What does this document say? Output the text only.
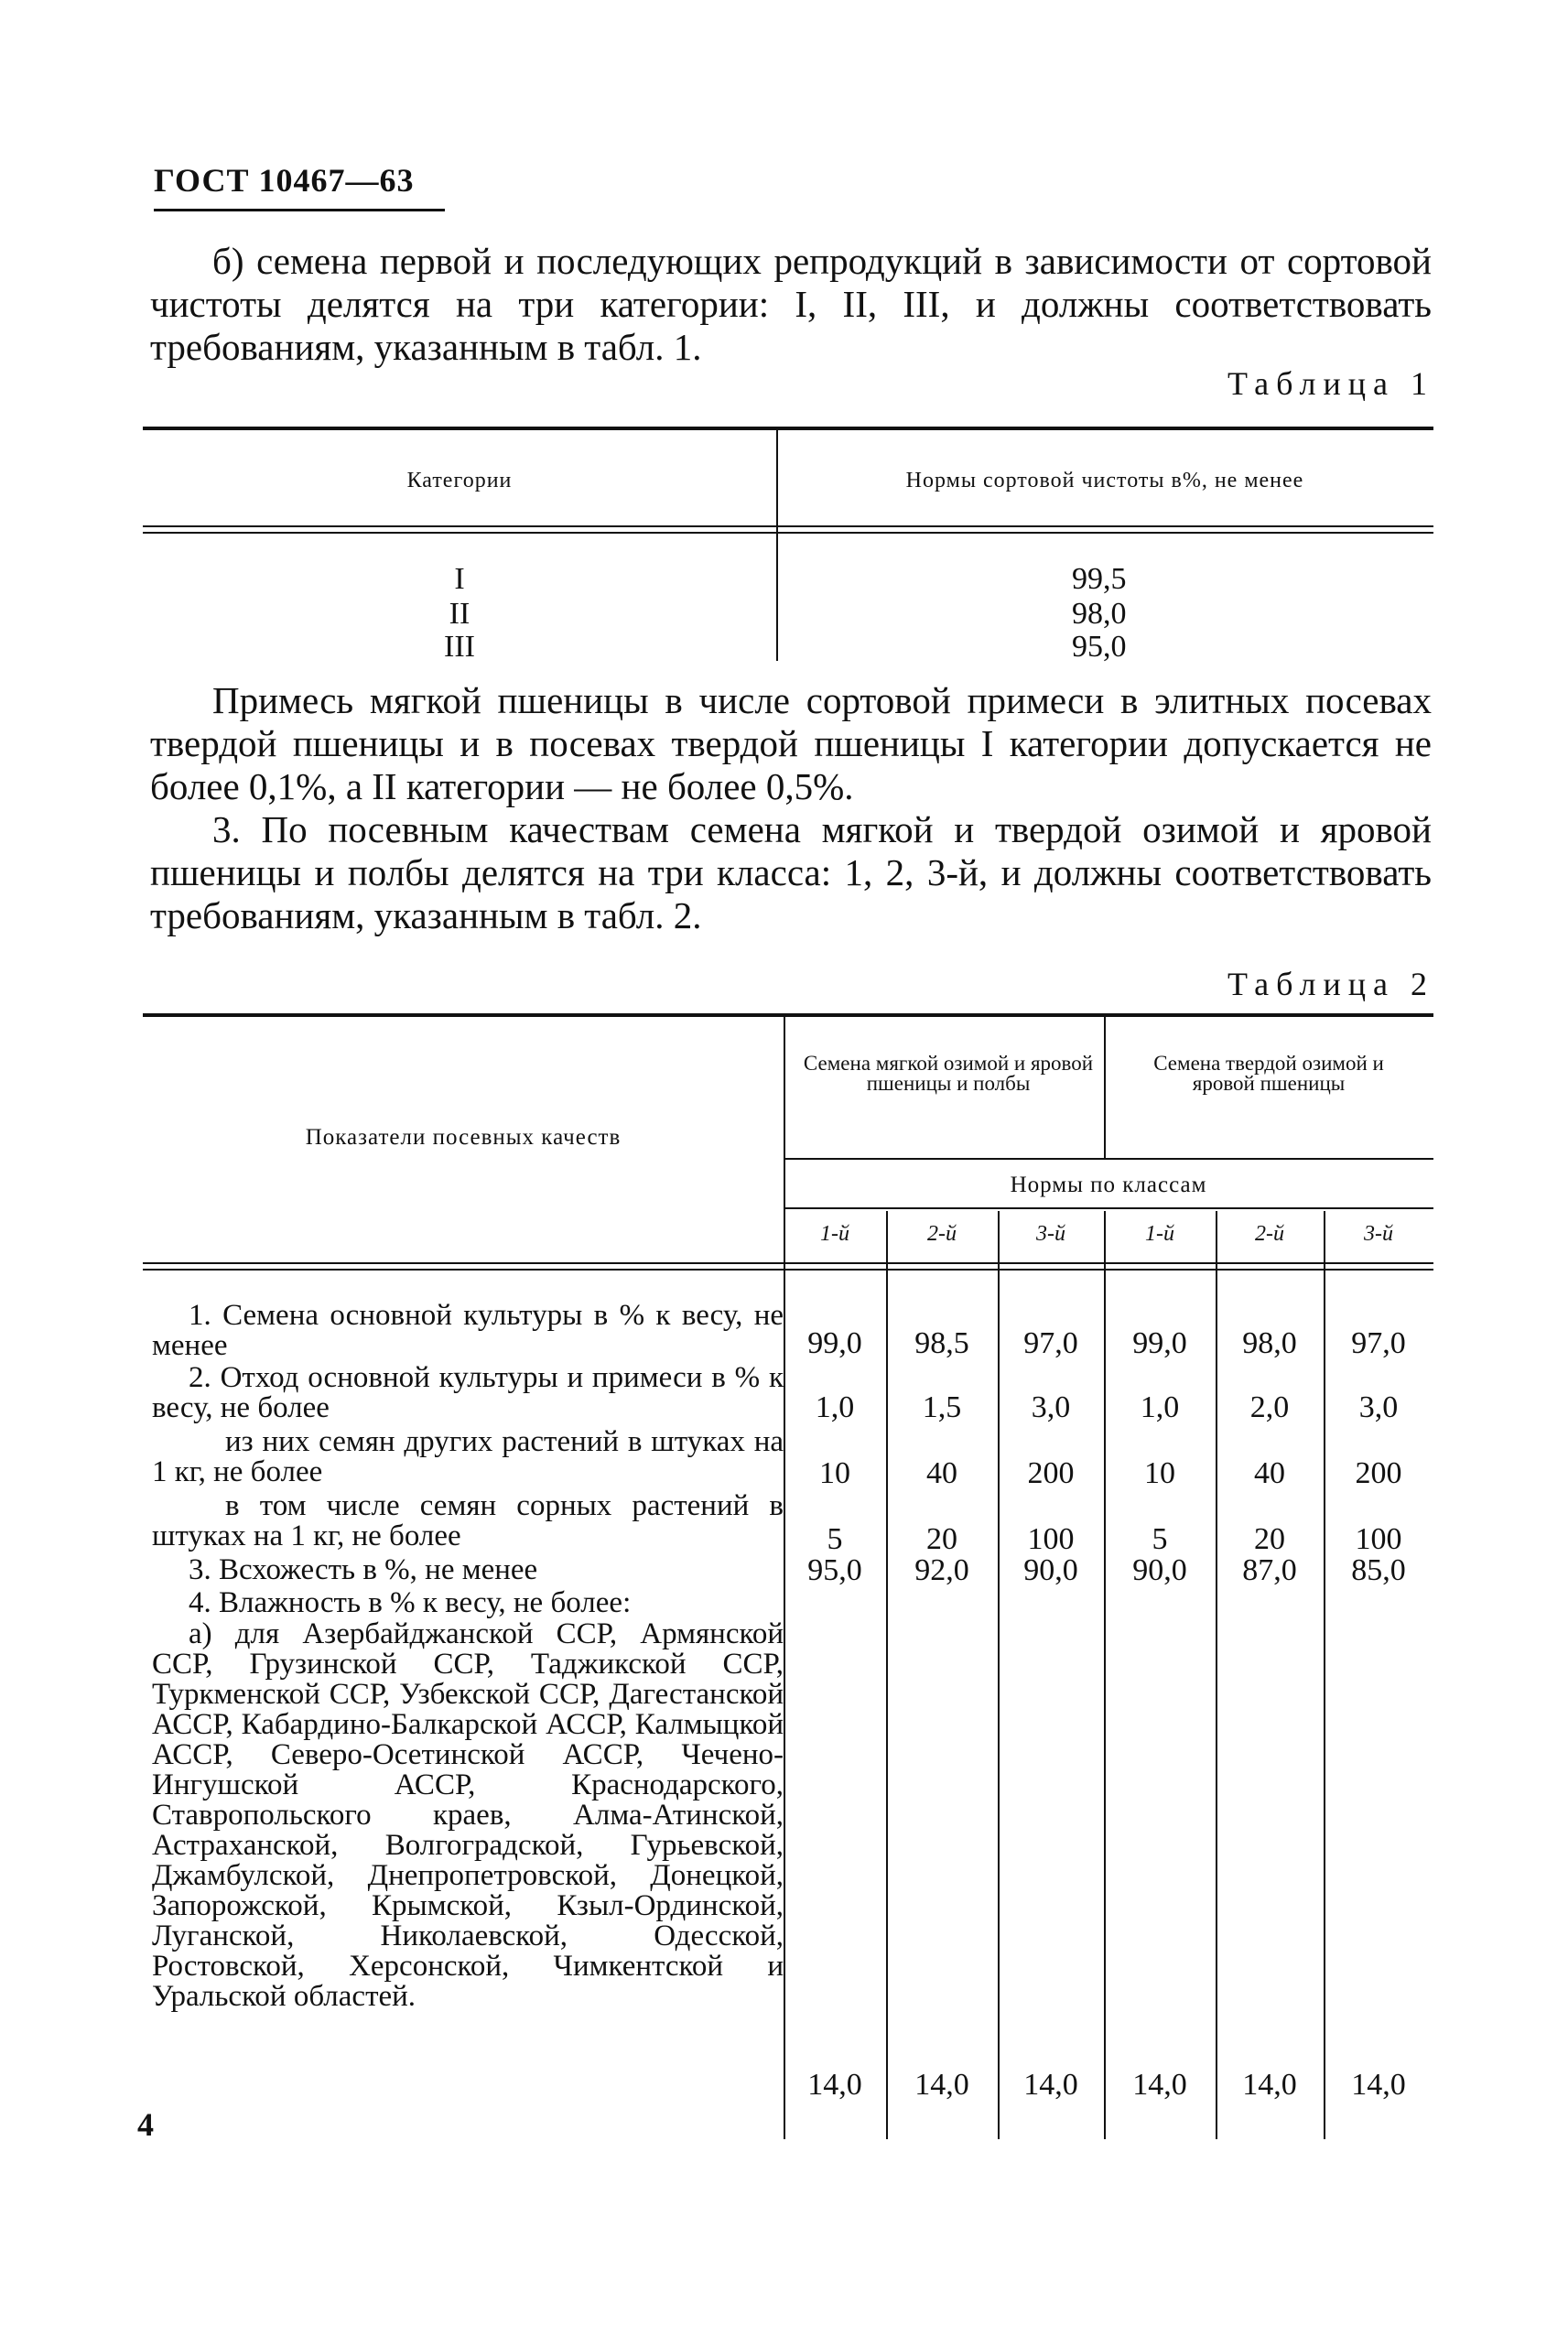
ГОСТ 10467—63
б) семена первой и последующих репродукций в зависимости от сортовой чистоты делятся на три категории: I, II, III, и должны соответствовать требованиям, указанным в табл. 1.
Таблица 1
Категории	Нормы сортовой чистоты в%, не менее
I	99,5
II	98,0
III	95,0
Примесь мягкой пшеницы в числе сортовой примеси в элитных посевах твердой пшеницы и в посевах твердой пшеницы I категории допускается не более 0,1%, а II категории — не более 0,5%.
3. По посевным качествам семена мягкой и твердой озимой и яровой пшеницы и полбы делятся на три класса: 1, 2, 3-й, и должны соответствовать требованиям, указанным в табл. 2.
Таблица 2
Показатели посевных качеств
Семена мягкой озимой и яровой пшеницы и полбы
Семена твердой озимой и яровой пшеницы
Нормы по классам
1-й	2-й	3-й	1-й	2-й	3-й
1. Семена основной культуры в % к весу, не менее	99,0	98,5	97,0	99,0	98,0	97,0
2. Отход основной культуры и примеси в % к весу, не более	1,0	1,5	3,0	1,0	2,0	3,0
из них семян других растений в штуках на 1 кг, не более	10	40	200	10	40	200
в том числе семян сорных растений в штуках на 1 кг, не более	5	20	100	5	20	100
3. Всхожесть в %, не менее	95,0	92,0	90,0	90,0	87,0	85,0
4. Влажность в % к весу, не более:
а) для Азербайджанской ССР, Армянской ССР, Грузинской ССР, Таджикской ССР, Туркменской ССР, Узбекской ССР, Дагестанской АССР, Кабардино-Балкарской АССР, Калмыцкой АССР, Северо-Осетинской АССР, Чечено-Ингушской АССР, Краснодарского, Ставропольского краев, Алма-Атинской, Астраханской, Волгоградской, Гурьевской, Джамбулской, Днепропетровской, Донецкой, Запорожской, Крымской, Кзыл-Ординской, Луганской, Николаевской, Одесской, Ростовской, Херсонской, Чимкентской и Уральской областей.
14,0	14,0	14,0	14,0	14,0	14,0
4
